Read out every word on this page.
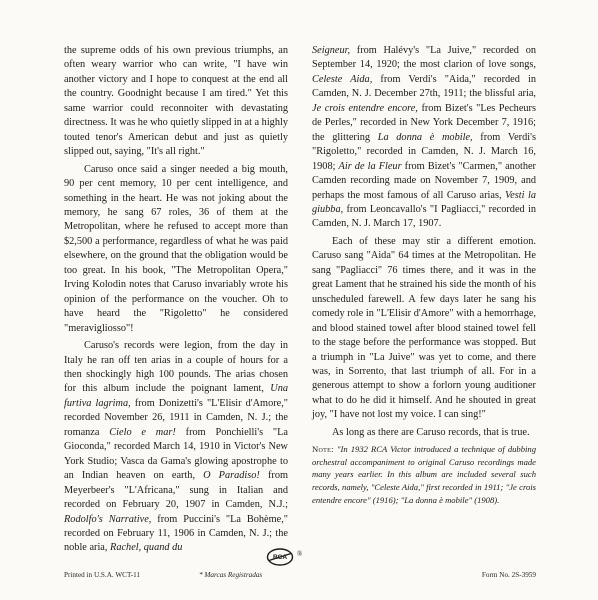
the supreme odds of his own previous triumphs, an often weary warrior who can write, "I have win another victory and I hope to conquest at the end all the country. Goodnight because I am tired." Yet this same warrior could reconnoiter with devastating directness. It was he who quietly slipped in at a highly touted tenor's American debut and just as quietly slipped out, saying, "It's all right."

Caruso once said a singer needed a big mouth, 90 per cent memory, 10 per cent intelligence, and something in the heart. He was not joking about the memory, he sang 67 roles, 36 of them at the Metropolitan, where he refused to accept more than $2,500 a performance, regardless of what he was paid elsewhere, on the ground that the obligation would be too great. In his book, "The Metropolitan Opera," Irving Kolodin notes that Caruso invariably wrote his opinion of the performance on the voucher. Oh to have heard the "Rigoletto" he considered "meravigliosso"!

Caruso's records were legion, from the day in Italy he ran off ten arias in a couple of hours for a then shockingly high 100 pounds. The arias chosen for this album include the poignant lament, Una furtiva lagrima, from Donizetti's "L'Elisir d'Amore," recorded November 26, 1911 in Camden, N. J.; the romanza Cielo e mar! from Ponchielli's "La Gioconda," recorded March 14, 1910 in Victor's New York Studio; Vasca da Gama's glowing apostrophe to an Indian heaven on earth, O Paradiso! from Meyerbeer's "L'Africana," sung in Italian and recorded on February 20, 1907 in Camden, N.J.; Rodolfo's Narrative, from Puccini's "La Bohème," recorded on February 11, 1906 in Camden, N. J.; the noble aria, Rachel, quand du

Seigneur, from Halévy's "La Juive," recorded on September 14, 1920; the most clarion of love songs, Celeste Aida, from Verdi's "Aida," recorded in Camden, N. J. December 27th, 1911; the blissful aria, Je crois entendre encore, from Bizet's "Les Pecheurs de Perles," recorded in New York December 7, 1916; the glittering La donna è mobile, from Verdi's "Rigoletto," recorded in Camden, N. J. March 16, 1908; Air de la Fleur from Bizet's "Carmen," another Camden recording made on November 7, 1909, and perhaps the most famous of all Caruso arias, Vesti la giubba, from Leoncavallo's "I Pagliacci," recorded in Camden, N. J. March 17, 1907.

Each of these may stir a different emotion. Caruso sang "Aida" 64 times at the Metropolitan. He sang "Pagliacci" 76 times there, and it was in the great Lament that he strained his side the month of his unscheduled farewell. A few days later he sang his comedy role in "L'Elisir d'Amore" with a hemorrhage, and blood stained towel after blood stained towel fell to the stage before the performance was stopped. But a triumph in "La Juive" was yet to come, and there was, in Sorrento, that last triumph of all. For in a generous attempt to show a forlorn young auditioner what to do he did it himself. And he shouted in great joy, "I have not lost my voice. I can sing!"

As long as there are Caruso records, that is true.

Note: "In 1932 RCA Victor introduced a technique of dubbing orchestral accompaniment to original Caruso recordings made many years earlier. In this album are included several such records, namely, "Celeste Aida," first recorded in 1911; "Je crois entendre encore" (1916); "La donna è mobile" (1908).

RCA ®
Printed in U.S.A. WCT-11	* Marcas Registradas	Form No. 2S-3959
